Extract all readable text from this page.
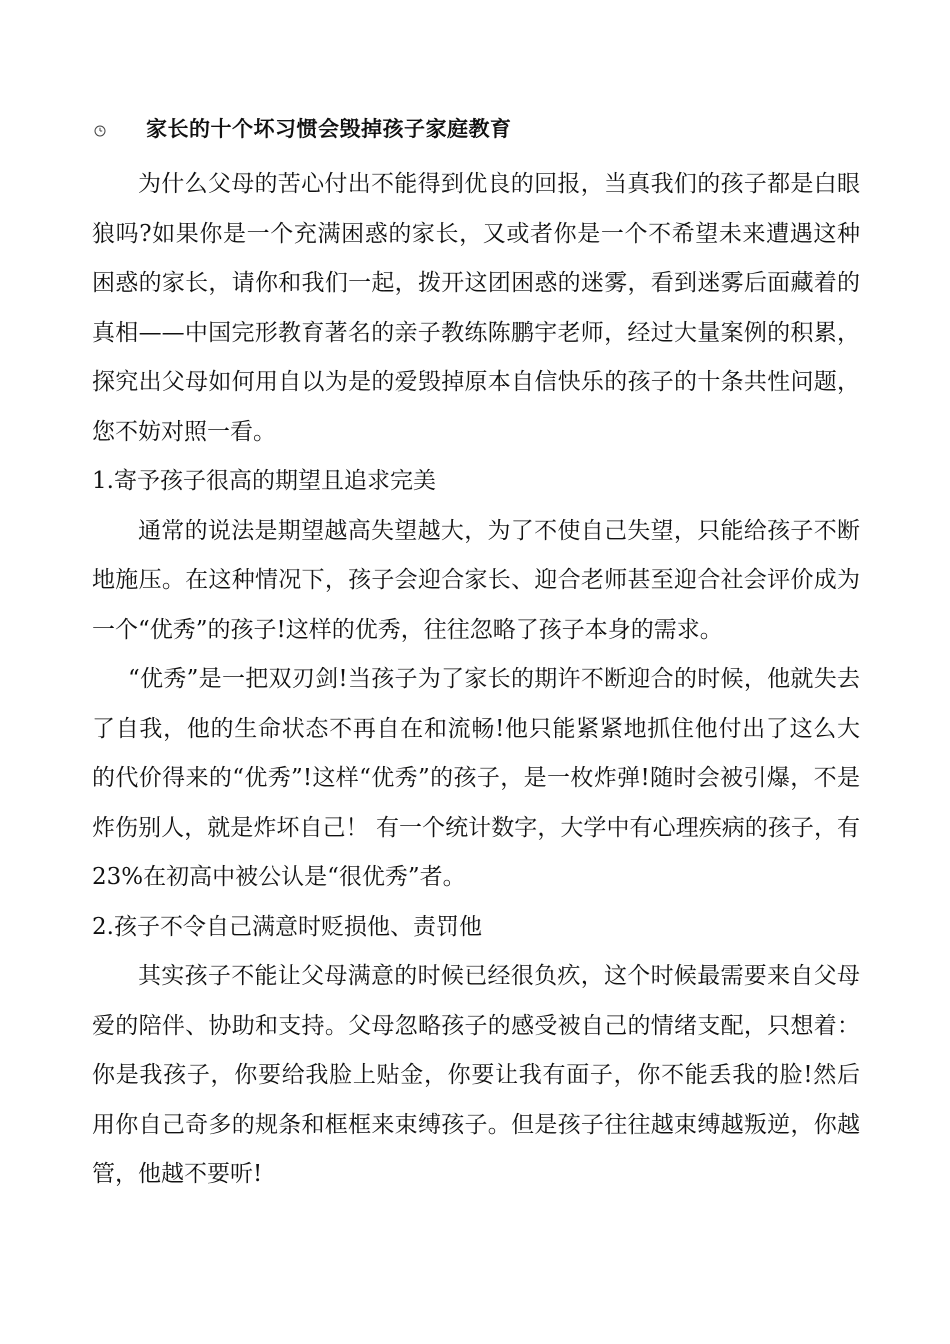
家长的十个坏习惯会毁掉孩子家庭教育

为什么父母的苦心付出不能得到优良的回报，当真我们的孩子都是白眼狼吗?如果你是一个充满困惑的家长，又或者你是一个不希望未来遭遇这种困惑的家长，请你和我们一起，拨开这团困惑的迷雾，看到迷雾后面藏着的真相——中国完形教育著名的亲子教练陈鹏宇老师，经过大量案例的积累，探究出父母如何用自以为是的爱毁掉原本自信快乐的孩子的十条共性问题，您不妨对照一看。

1.寄予孩子很高的期望且追求完美

通常的说法是期望越高失望越大，为了不使自己失望，只能给孩子不断地施压。在这种情况下，孩子会迎合家长、迎合老师甚至迎合社会评价成为一个“优秀”的孩子!这样的优秀，往往忽略了孩子本身的需求。

“优秀”是一把双刃剑!当孩子为了家长的期许不断迎合的时候，他就失去了自我，他的生命状态不再自在和流畅!他只能紧紧地抓住他付出了这么大的代价得来的“优秀”!这样“优秀”的孩子，是一枚炸弹!随时会被引爆，不是炸伤别人，就是炸坏自己！ 有一个统计数字，大学中有心理疾病的孩子，有23%在初高中被公认是“很优秀”者。

2.孩子不令自己满意时贬损他、责罚他

其实孩子不能让父母满意的时候已经很负疚，这个时候最需要来自父母爱的陪伴、协助和支持。父母忽略孩子的感受被自己的情绪支配，只想着：你是我孩子，你要给我脸上贴金，你要让我有面子，你不能丢我的脸!然后用你自己奇多的规条和框框来束缚孩子。但是孩子往往越束缚越叛逆，你越管，他越不要听!
